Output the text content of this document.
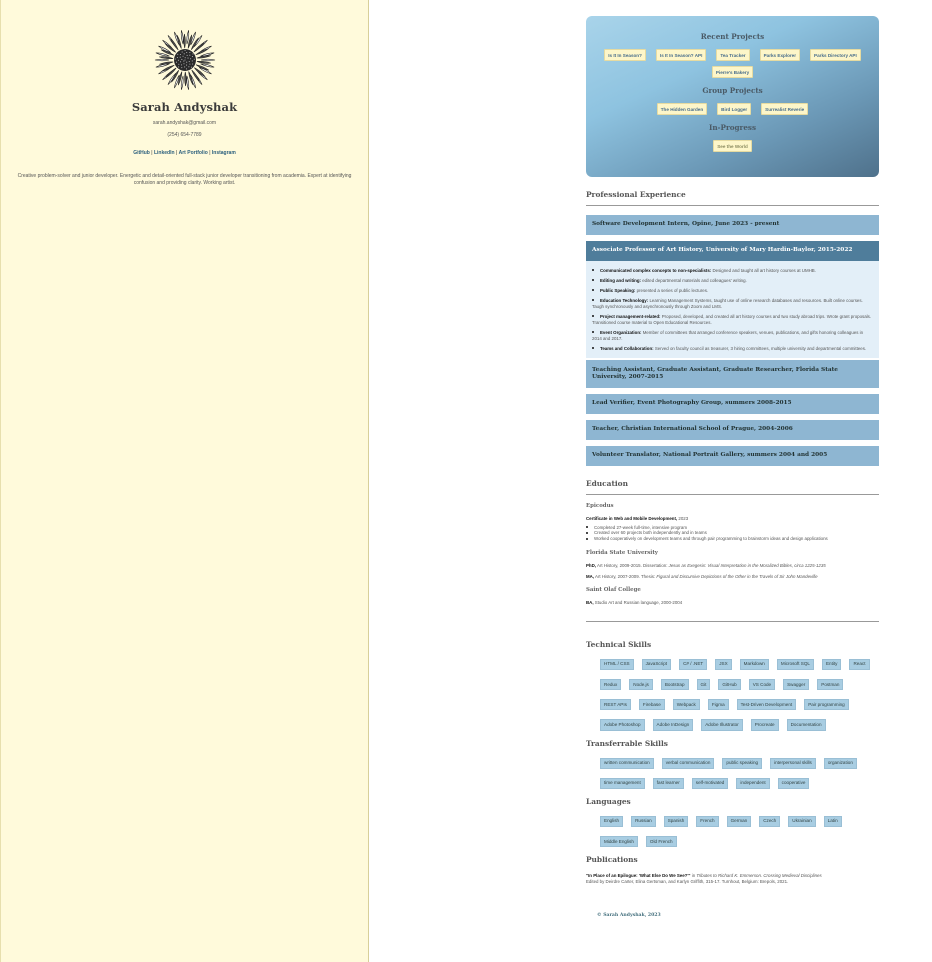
Sarah Andyshak
sarah.andyshak@gmail.com
(254) 654-7789
GitHub | LinkedIn | Art Portfolio | Instagram
Creative problem-solver and junior developer. Energetic and detail-oriented full-stack junior developer transitioning from academia. Expert at identifying confusion and providing clarity. Working artist.
Recent Projects
Is It In Season?	Is It In Season? API	Tea Tracker	Parks Explorer	Parks Directory API
Pierre's Bakery
Group Projects
The Hidden Garden	Bird Logger	Surrealist Reverie
In-Progress
See the World
Professional Experience
Software Development Intern, Opine, June 2023 - present
Associate Professor of Art History, University of Mary Hardin-Baylor, 2015-2022
Communicated complex concepts to non-specialists: Designed and taught all art history courses at UMHB.
Editing and writing: edited departmental materials and colleagues' writing.
Public Speaking: presented a series of public lectures.
Education Technology: Learning Management Systems, taught use of online research databases and resources. Built online courses. Taugh synchronously and asynchronously through Zoom and LMS.
Project management-related: Proposed, developed, and created all art history courses and two study abroad trips. Wrote grant proposals. Transitioned course material to Open Educational Resources.
Event Organization: Member of committees that arranged conference speakers, venues, publications, and gifts honoring colleagues in 2014 and 2017.
Teams and Collaboration: Served on faculty council as treasurer, 3 hiring committees, multiple university and departmental committees.
Teaching Assistant, Graduate Assistant, Graduate Researcher, Florida State University, 2007-2015
Lead Verifier, Event Photography Group, summers 2008-2015
Teacher, Christian International School of Prague, 2004-2006
Volunteer Translator, National Portrait Gallery, summers 2004 and 2005
Education
Epicodus

Certificate in Web and Mobile Development, 2023

Completed 27-week full-time, intensive program
Created over 60 projects both independently and in teams
Worked cooperatively on development teams and through pair programming to brainstorm ideas and design applications
Florida State University

PhD, Art History, 2009-2015. Dissertation: Jesus as Exegesis: Visual Interpretation in the Moralized Bibles, circa 1225-1235

MA, Art History, 2007-2009. Thesis: Figural and Discursive Depictions of the Other in the Travels of Sir John Mandeville

Saint Olaf College

BA, Studio Art and Russian language, 2000-2004

Technical Skills
HTML / CSS	JavaScript	C# / .NET	JSX	Markdown	Microsoft SQL	Entity	React
Redux	Node.js	Bootstrap	Git	GitHub	VS Code	Swagger	Postman
REST APIs	Firebase	Webpack	Figma	Test-Driven Development	Pair programming
Adobe Photoshop	Adobe InDesign	Adobe Illustrator	Procreate	Documentation
Transferrable Skills
written communication	verbal communication	public speaking	interpersonal skills	organization
time management	fast learner	self-motivated	independent	cooperative
Languages
English	Russian	Spanish	French	German	Czech	Ukrainian	Latin
Middle English	Old French
Publications
"In Place of an Epilogue: 'What Else Do We See?'" in Tributes to Richard K. Emmerson. Crossing Medieval Disciplines
Edited by Deirdre Carter, Elina Gertsman, and Karlyn Griffith, 315-17. Turnhout, Belgium: Brepols, 2021.
© Sarah Andyshak, 2023
